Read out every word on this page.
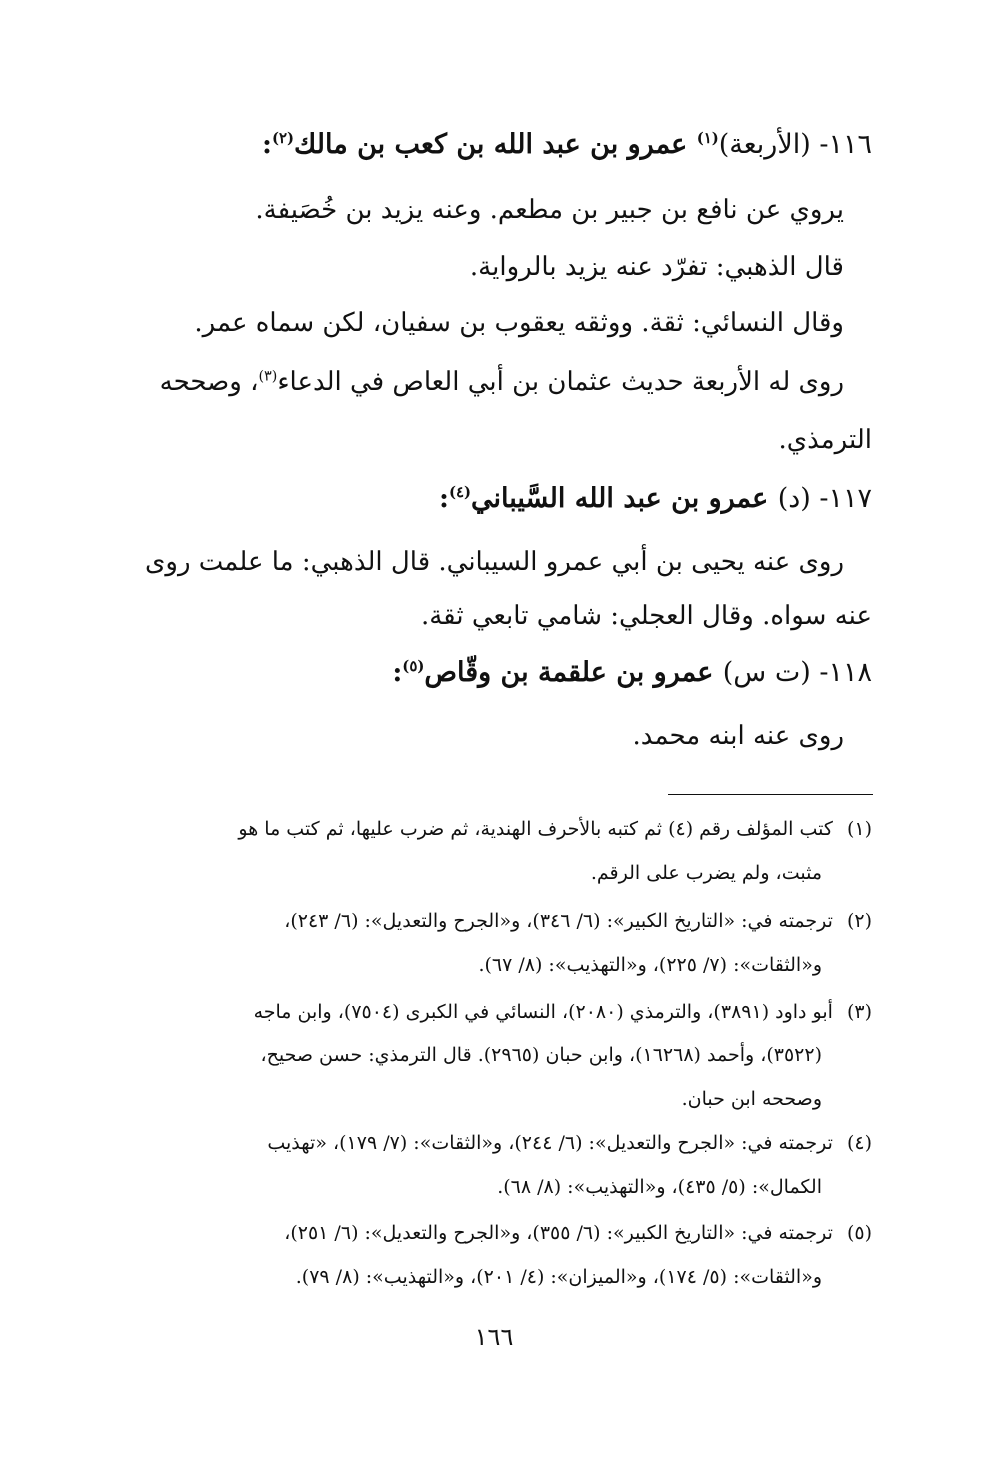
١١٦- (الأربعة)$^{(١)}$ عمرو بن عبد الله بن كعب بن مالك$^{(٢)}$:
يروي عن نافع بن جبير بن مطعم. وعنه يزيد بن خُصَيفة.
قال الذهبي: تفرّد عنه يزيد بالرواية.
وقال النسائي: ثقة. ووثقه يعقوب بن سفيان، لكن سماه عمر.
روى له الأربعة حديث عثمان بن أبي العاص في الدعاء$^{(٣)}$، وصححه
الترمذي.
١١٧- (د) عمرو بن عبد الله السَّيباني$^{(٤)}$:
روى عنه يحيى بن أبي عمرو السيباني. قال الذهبي: ما علمت روى
عنه سواه. وقال العجلي: شامي تابعي ثقة.
١١٨- (ت س) عمرو بن علقمة بن وقّاص$^{(٥)}$:
روى عنه ابنه محمد.
(١)كتب المؤلف رقم (٤) ثم كتبه بالأحرف الهندية، ثم ضرب عليها، ثم كتب ما هو
مثبت، ولم يضرب على الرقم.
(٢)ترجمته في: «التاريخ الكبير»: (٦/ ٣٤٦)، و«الجرح والتعديل»: (٦/ ٢٤٣)،
و«الثقات»: (٧/ ٢٢٥)، و«التهذيب»: (٨/ ٦٧).
(٣)أبو داود (٣٨٩١)، والترمذي (٢٠٨٠)، النسائي في الكبرى (٧٥٠٤)، وابن ماجه
(٣٥٢٢)، وأحمد (١٦٢٦٨)، وابن حبان (٢٩٦٥). قال الترمذي: حسن صحيح،
وصححه ابن حبان.
(٤)ترجمته في: «الجرح والتعديل»: (٦/ ٢٤٤)، و«الثقات»: (٧/ ١٧٩)، «تهذيب
الكمال»: (٥/ ٤٣٥)، و«التهذيب»: (٨/ ٦٨).
(٥)ترجمته في: «التاريخ الكبير»: (٦/ ٣٥٥)، و«الجرح والتعديل»: (٦/ ٢٥١)،
و«الثقات»: (٥/ ١٧٤)، و«الميزان»: (٤/ ٢٠١)، و«التهذيب»: (٨/ ٧٩).
١٦٦
